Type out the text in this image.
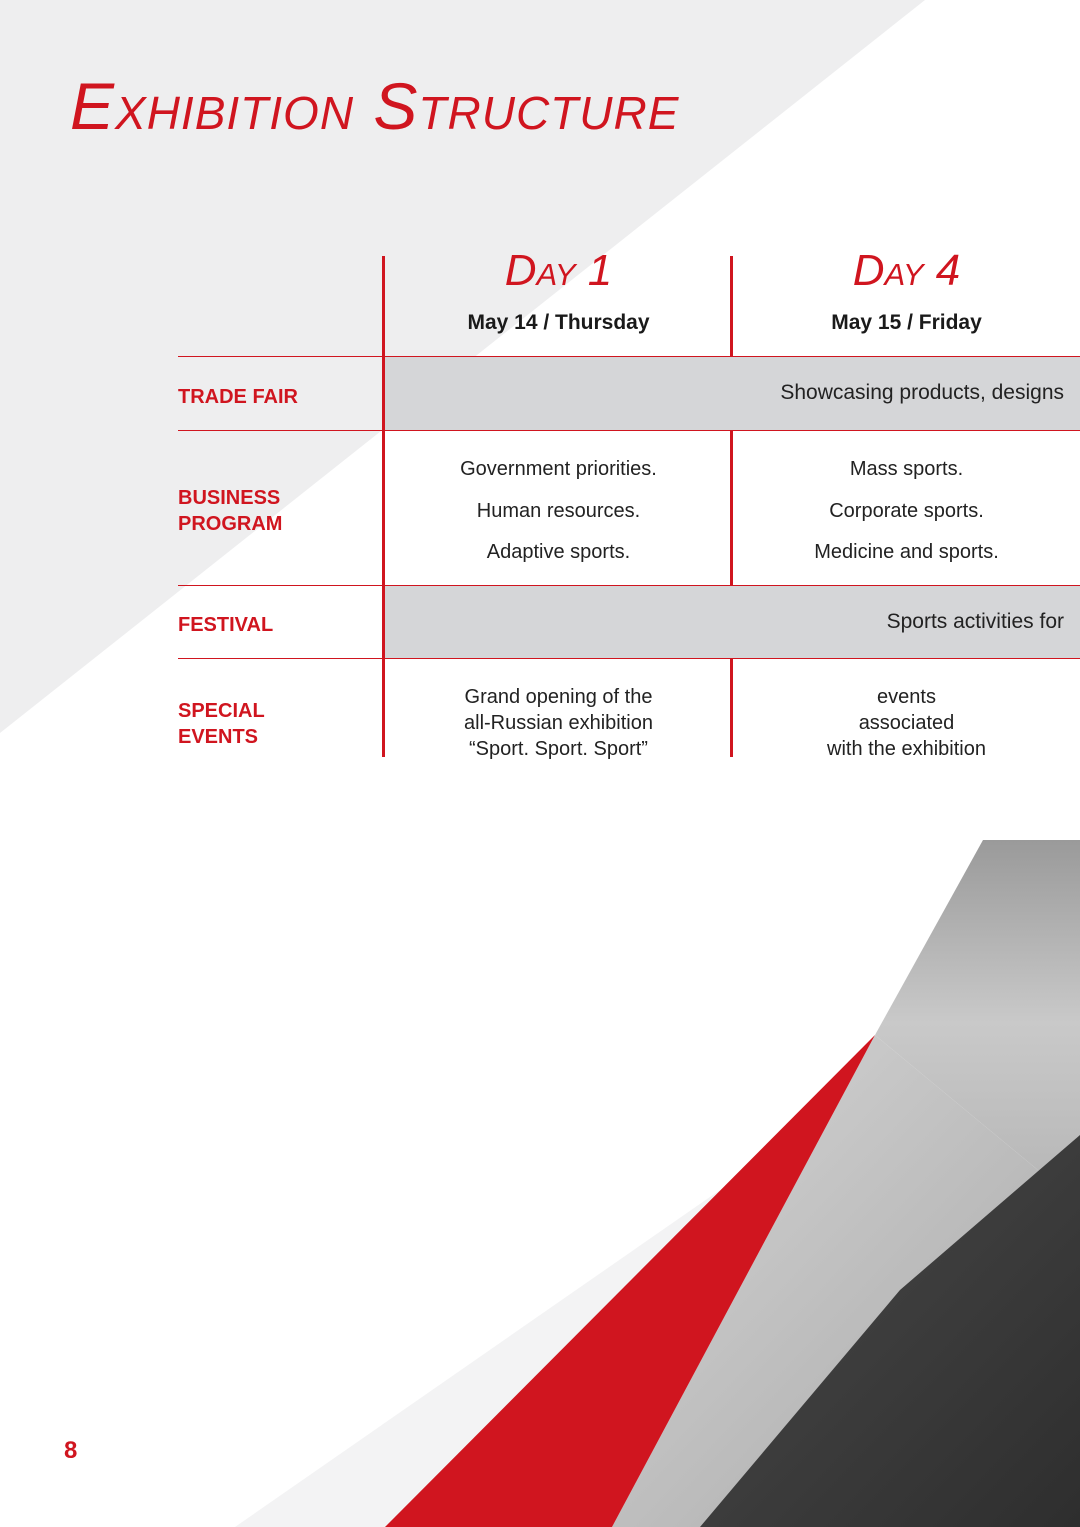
Exhibition Structure
Showcasing products, designs
Sports activities for
Day 1
May 14 / Thursday
Day 4
May 15 / Friday
TRADE FAIR
BUSINESS
PROGRAM
FESTIVAL
SPECIAL
EVENTS
Government priorities.
Human resources.
Adaptive sports.
Mass sports.
Corporate sports.
Medicine and sports.
Grand opening of the
all-Russian exhibition
“Sport. Sport. Sport”
events
associated
with the exhibition
8
